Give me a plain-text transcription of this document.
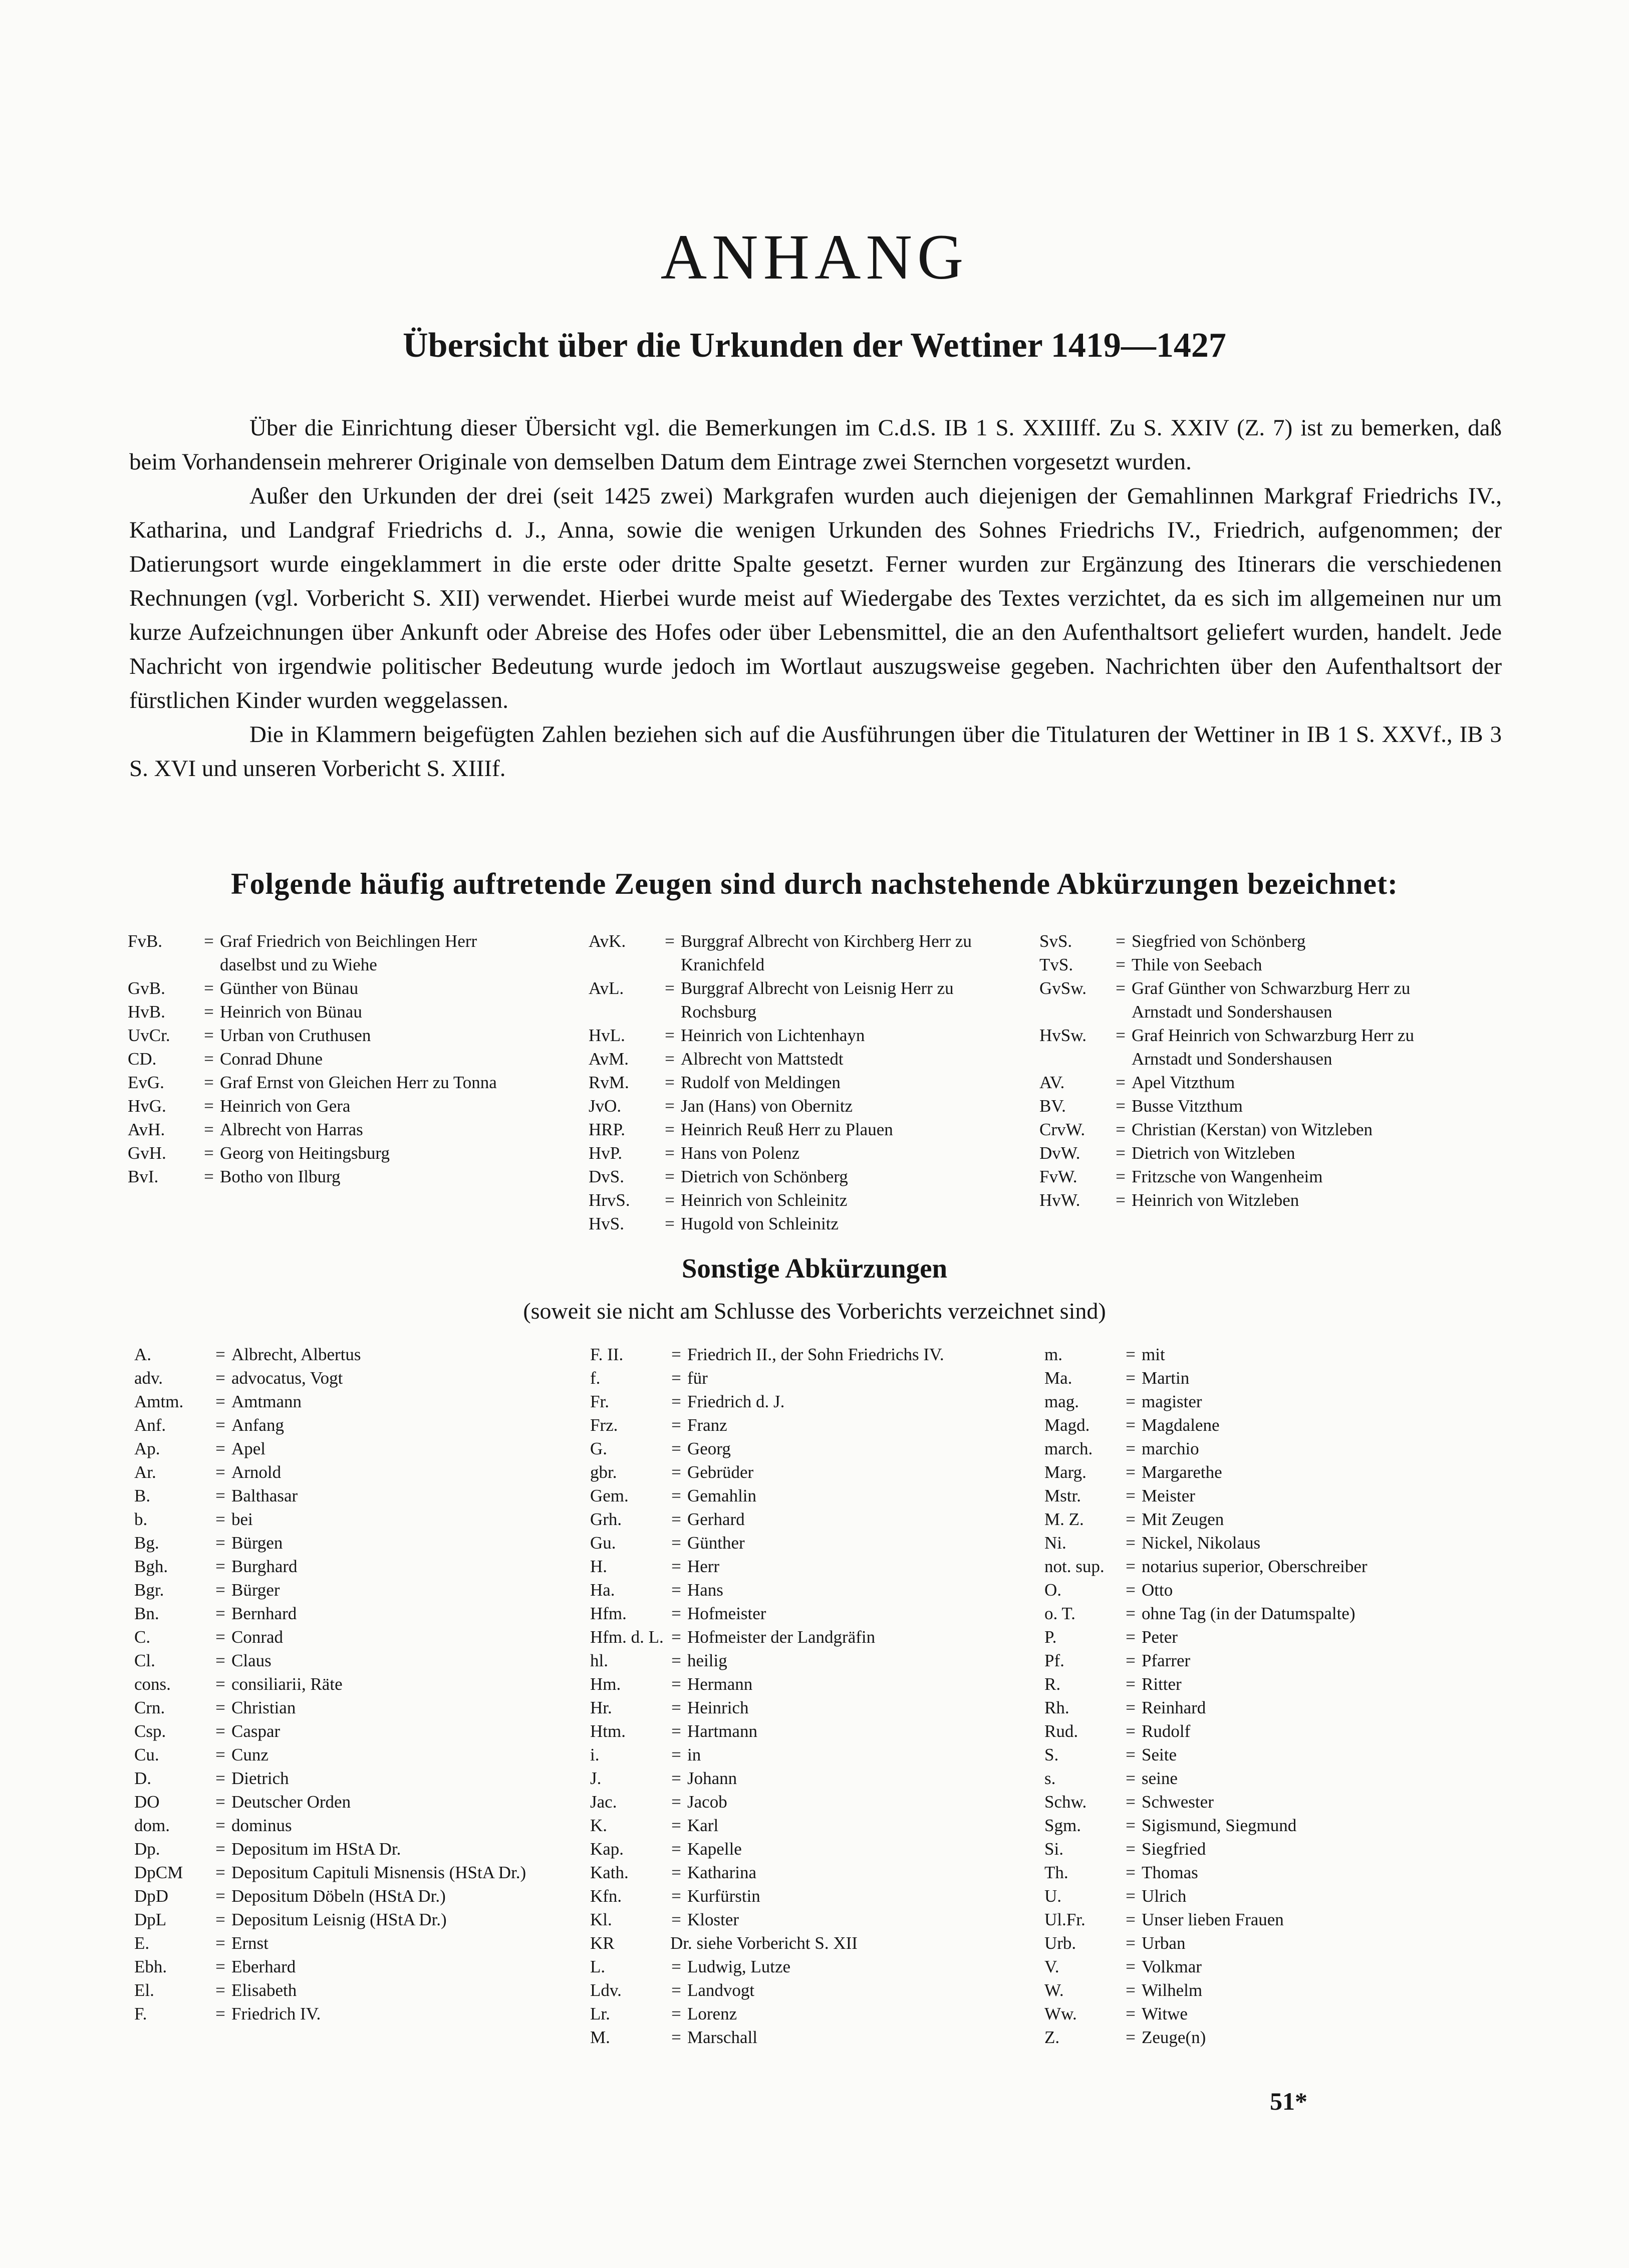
ANHANG
Übersicht über die Urkunden der Wettiner 1419—1427

Über die Einrichtung dieser Übersicht vgl. die Bemerkungen im C.d.S. IB 1 S. XXIIIff. Zu S. XXIV (Z. 7) ist zu bemerken, daß beim Vorhandensein mehrerer Originale von demselben Datum dem Eintrage zwei Sternchen vorgesetzt wurden.

Außer den Urkunden der drei (seit 1425 zwei) Markgrafen wurden auch diejenigen der Gemahlinnen Markgraf Friedrichs IV., Katharina, und Landgraf Friedrichs d. J., Anna, sowie die wenigen Urkunden des Sohnes Friedrichs IV., Friedrich, aufgenommen; der Datierungsort wurde eingeklammert in die erste oder dritte Spalte gesetzt. Ferner wurden zur Ergänzung des Itinerars die verschiedenen Rechnungen (vgl. Vorbericht S. XII) verwendet. Hierbei wurde meist auf Wiedergabe des Textes verzichtet, da es sich im allgemeinen nur um kurze Aufzeichnungen über Ankunft oder Abreise des Hofes oder über Lebensmittel, die an den Aufenthaltsort geliefert wurden, handelt. Jede Nachricht von irgendwie politischer Bedeutung wurde jedoch im Wortlaut auszugsweise gegeben. Nachrichten über den Aufenthaltsort der fürstlichen Kinder wurden weggelassen.

Die in Klammern beigefügten Zahlen beziehen sich auf die Ausführungen über die Titulaturen der Wettiner in IB 1 S. XXVf., IB 3 S. XVI und unseren Vorbericht S. XIIIf.

Folgende häufig auftretende Zeugen sind durch nachstehende Abkürzungen bezeichnet:
FvB.	= Graf Friedrich von Beichlingen Herr daselbst und zu Wiehe
GvB.	= Günther von Bünau
HvB.	= Heinrich von Bünau
UvCr.	= Urban von Cruthusen
CD.	= Conrad Dhune
EvG.	= Graf Ernst von Gleichen Herr zu Tonna
HvG.	= Heinrich von Gera
AvH.	= Albrecht von Harras
GvH.	= Georg von Heitingsburg
BvI.	= Botho von Ilburg
AvK.	= Burggraf Albrecht von Kirchberg Herr zu Kranichfeld
AvL.	= Burggraf Albrecht von Leisnig Herr zu Rochsburg
HvL.	= Heinrich von Lichtenhayn
AvM.	= Albrecht von Mattstedt
RvM.	= Rudolf von Meldingen
JvO.	= Jan (Hans) von Obernitz
HRP.	= Heinrich Reuß Herr zu Plauen
HvP.	= Hans von Polenz
DvS.	= Dietrich von Schönberg
HrvS.	= Heinrich von Schleinitz
HvS.	= Hugold von Schleinitz
SvS.	= Siegfried von Schönberg
TvS.	= Thile von Seebach
GvSw.	= Graf Günther von Schwarzburg Herr zu Arnstadt und Sondershausen
HvSw.	= Graf Heinrich von Schwarzburg Herr zu Arnstadt und Sondershausen
AV.	= Apel Vitzthum
BV.	= Busse Vitzthum
CrvW.	= Christian (Kerstan) von Witzleben
DvW.	= Dietrich von Witzleben
FvW.	= Fritzsche von Wangenheim
HvW.	= Heinrich von Witzleben
Sonstige Abkürzungen
(soweit sie nicht am Schlusse des Vorberichts verzeichnet sind)
A.	= Albrecht, Albertus
adv.	= advocatus, Vogt
Amtm.	= Amtmann
Anf.	= Anfang
Ap.	= Apel
Ar.	= Arnold
B.	= Balthasar
b.	= bei
Bg.	= Bürgen
Bgh.	= Burghard
Bgr.	= Bürger
Bn.	= Bernhard
C.	= Conrad
Cl.	= Claus
cons.	= consiliarii, Räte
Crn.	= Christian
Csp.	= Caspar
Cu.	= Cunz
D.	= Dietrich
DO	= Deutscher Orden
dom.	= dominus
Dp.	= Depositum im HStA Dr.
DpCM	= Depositum Capituli Misnensis (HStA Dr.)
DpD	= Depositum Döbeln (HStA Dr.)
DpL	= Depositum Leisnig (HStA Dr.)
E.	= Ernst
Ebh.	= Eberhard
El.	= Elisabeth
F.	= Friedrich IV.
F. II.	= Friedrich II., der Sohn Friedrichs IV.
f.	= für
Fr.	= Friedrich d. J.
Frz.	= Franz
G.	= Georg
gbr.	= Gebrüder
Gem.	= Gemahlin
Grh.	= Gerhard
Gu.	= Günther
H.	= Herr
Ha.	= Hans
Hfm.	= Hofmeister
Hfm. d. L. = Hofmeister der Landgräfin
hl.	= heilig
Hm.	= Hermann
Hr.	= Heinrich
Htm.	= Hartmann
i.	= in
J.	= Johann
Jac.	= Jacob
K.	= Karl
Kap.	= Kapelle
Kath.	= Katharina
Kfn.	= Kurfürstin
Kl.	= Kloster
KR	Dr. siehe Vorbericht S. XII
L.	= Ludwig, Lutze
Ldv.	= Landvogt
Lr.	= Lorenz
M.	= Marschall
m.	= mit
Ma.	= Martin
mag.	= magister
Magd.	= Magdalene
march.	= marchio
Marg.	= Margarethe
Mstr.	= Meister
M. Z.	= Mit Zeugen
Ni.	= Nickel, Nikolaus
not. sup.	= notarius superior, Oberschreiber
O.	= Otto
o. T.	= ohne Tag (in der Datumspalte)
P.	= Peter
Pf.	= Pfarrer
R.	= Ritter
Rh.	= Reinhard
Rud.	= Rudolf
S.	= Seite
s.	= seine
Schw.	= Schwester
Sgm.	= Sigismund, Siegmund
Si.	= Siegfried
Th.	= Thomas
U.	= Ulrich
Ul.Fr.	= Unser lieben Frauen
Urb.	= Urban
V.	= Volkmar
W.	= Wilhelm
Ww.	= Witwe
Z.	= Zeuge(n)
51*
